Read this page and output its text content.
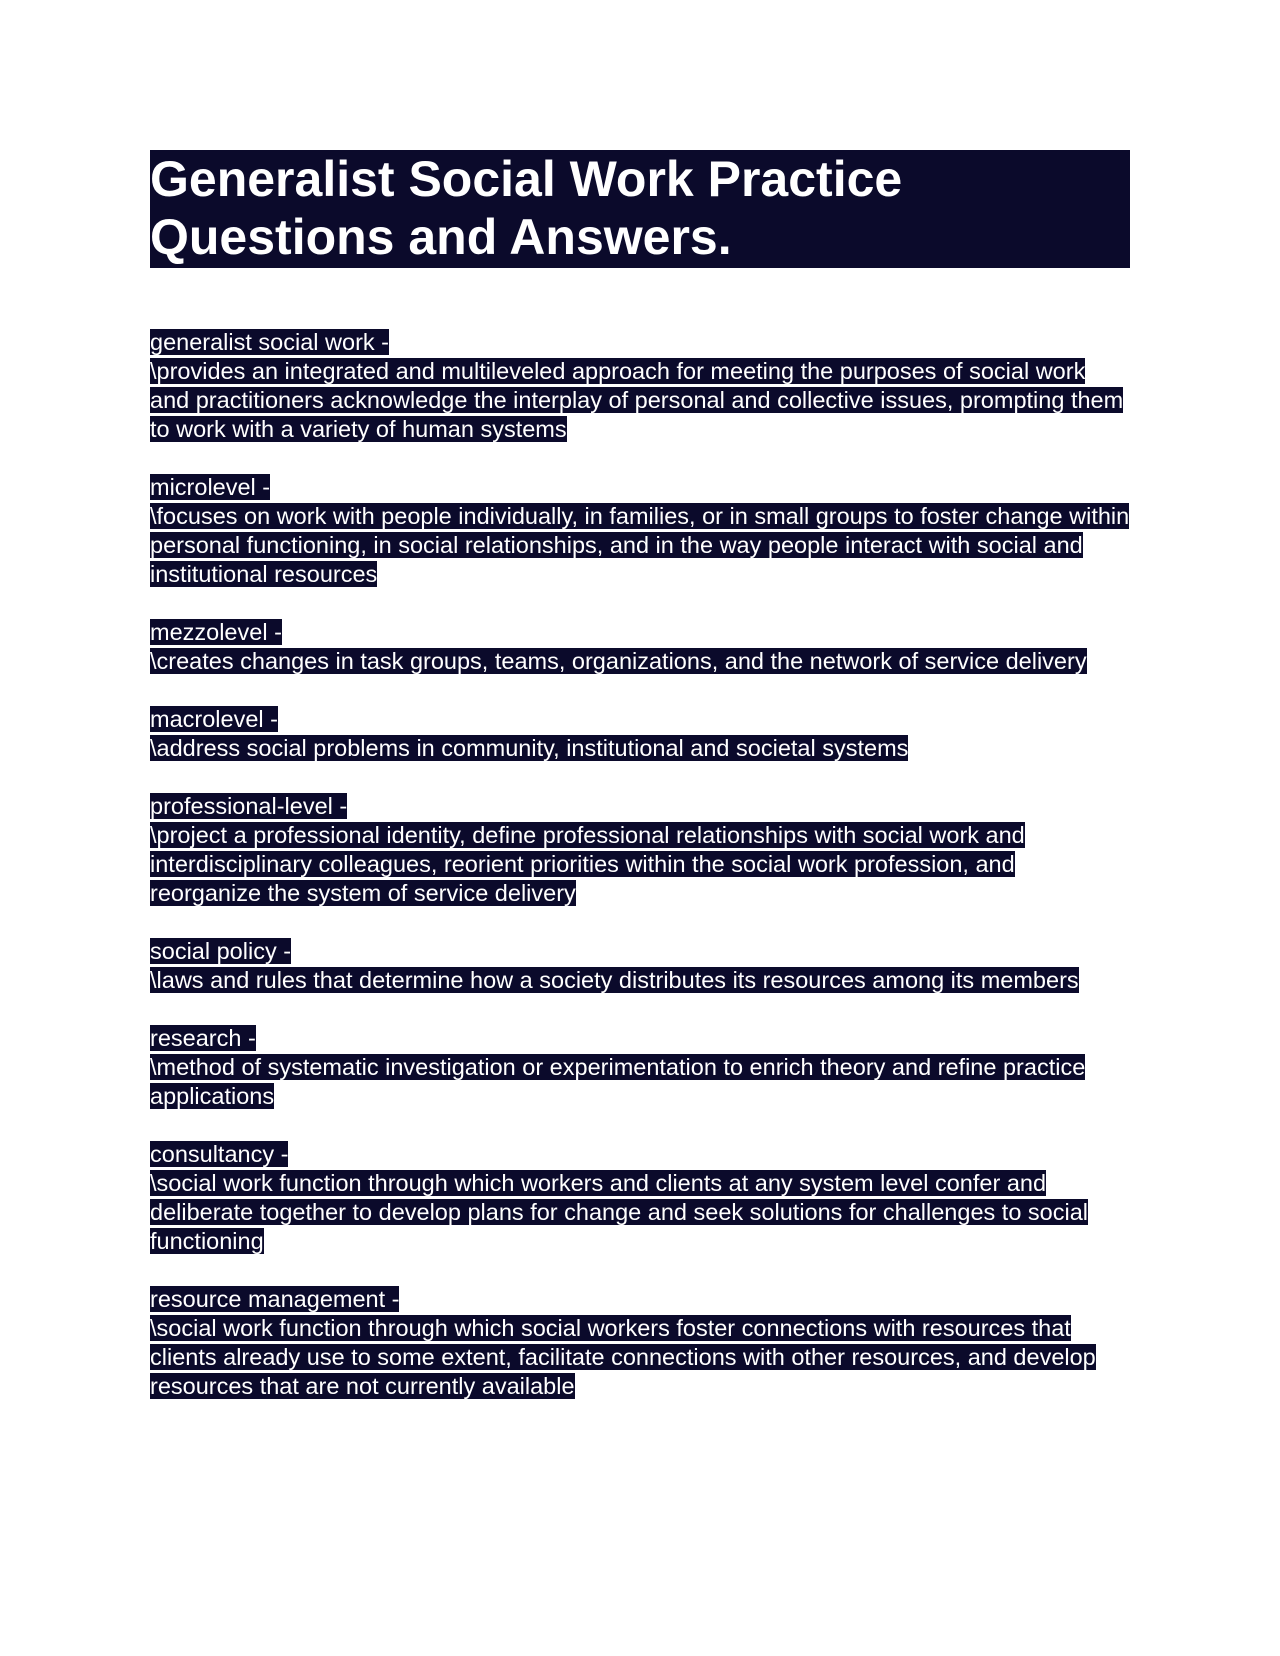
Generalist Social Work Practice Questions and Answers.
generalist social work -
\provides an integrated and multileveled approach for meeting the purposes of social work and practitioners acknowledge the interplay of personal and collective issues, prompting them to work with a variety of human systems
microlevel -
\focuses on work with people individually, in families, or in small groups to foster change within personal functioning, in social relationships, and in the way people interact with social and institutional resources
mezzolevel -
\creates changes in task groups, teams, organizations, and the network of service delivery
macrolevel -
\address social problems in community, institutional and societal systems
professional-level -
\project a professional identity, define professional relationships with social work and interdisciplinary colleagues, reorient priorities within the social work profession, and reorganize the system of service delivery
social policy -
\laws and rules that determine how a society distributes its resources among its members
research -
\method of systematic investigation or experimentation to enrich theory and refine practice applications
consultancy -
\social work function through which workers and clients at any system level confer and deliberate together to develop plans for change and seek solutions for challenges to social functioning
resource management -
\social work function through which social workers foster connections with resources that clients already use to some extent, facilitate connections with other resources, and develop resources that are not currently available
